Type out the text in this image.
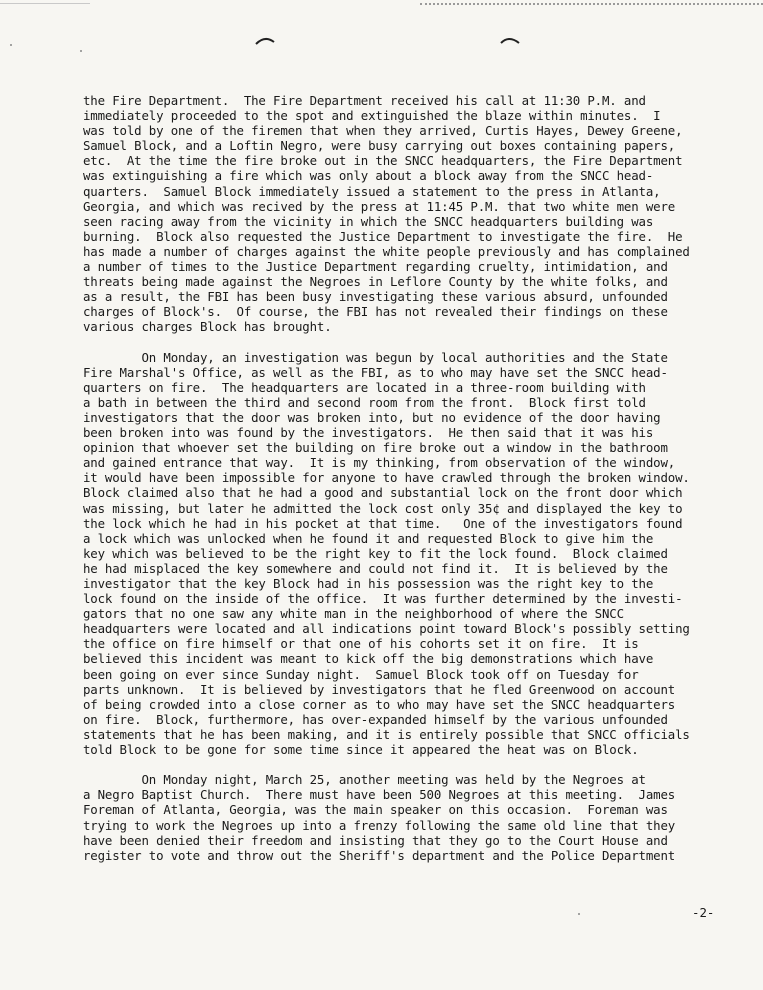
the Fire Department.  The Fire Department received his call at 11:30 P.M. and
immediately proceeded to the spot and extinguished the blaze within minutes.  I
was told by one of the firemen that when they arrived, Curtis Hayes, Dewey Greene,
Samuel Block, and a Loftin Negro, were busy carrying out boxes containing papers,
etc.  At the time the fire broke out in the SNCC headquarters, the Fire Department
was extinguishing a fire which was only about a block away from the SNCC head-
quarters.  Samuel Block immediately issued a statement to the press in Atlanta,
Georgia, and which was recived by the press at 11:45 P.M. that two white men were
seen racing away from the vicinity in which the SNCC headquarters building was
burning.  Block also requested the Justice Department to investigate the fire.  He
has made a number of charges against the white people previously and has complained
a number of times to the Justice Department regarding cruelty, intimidation, and
threats being made against the Negroes in Leflore County by the white folks, and
as a result, the FBI has been busy investigating these various absurd, unfounded
charges of Block's.  Of course, the FBI has not revealed their findings on these
various charges Block has brought.
On Monday, an investigation was begun by local authorities and the State
Fire Marshal's Office, as well as the FBI, as to who may have set the SNCC head-
quarters on fire.  The headquarters are located in a three-room building with
a bath in between the third and second room from the front.  Block first told
investigators that the door was broken into, but no evidence of the door having
been broken into was found by the investigators.  He then said that it was his
opinion that whoever set the building on fire broke out a window in the bathroom
and gained entrance that way.  It is my thinking, from observation of the window,
it would have been impossible for anyone to have crawled through the broken window.
Block claimed also that he had a good and substantial lock on the front door which
was missing, but later he admitted the lock cost only 35¢ and displayed the key to
the lock which he had in his pocket at that time.   One of the investigators found
a lock which was unlocked when he found it and requested Block to give him the
key which was believed to be the right key to fit the lock found.  Block claimed
he had misplaced the key somewhere and could not find it.  It is believed by the
investigator that the key Block had in his possession was the right key to the
lock found on the inside of the office.  It was further determined by the investi-
gators that no one saw any white man in the neighborhood of where the SNCC
headquarters were located and all indications point toward Block's possibly setting
the office on fire himself or that one of his cohorts set it on fire.  It is
believed this incident was meant to kick off the big demonstrations which have
been going on ever since Sunday night.  Samuel Block took off on Tuesday for
parts unknown.  It is believed by investigators that he fled Greenwood on account
of being crowded into a close corner as to who may have set the SNCC headquarters
on fire.  Block, furthermore, has over-expanded himself by the various unfounded
statements that he has been making, and it is entirely possible that SNCC officials
told Block to be gone for some time since it appeared the heat was on Block.
On Monday night, March 25, another meeting was held by the Negroes at
a Negro Baptist Church.  There must have been 500 Negroes at this meeting.  James
Foreman of Atlanta, Georgia, was the main speaker on this occasion.  Foreman was
trying to work the Negroes up into a frenzy following the same old line that they
have been denied their freedom and insisting that they go to the Court House and
register to vote and throw out the Sheriff's department and the Police Department
-2-
